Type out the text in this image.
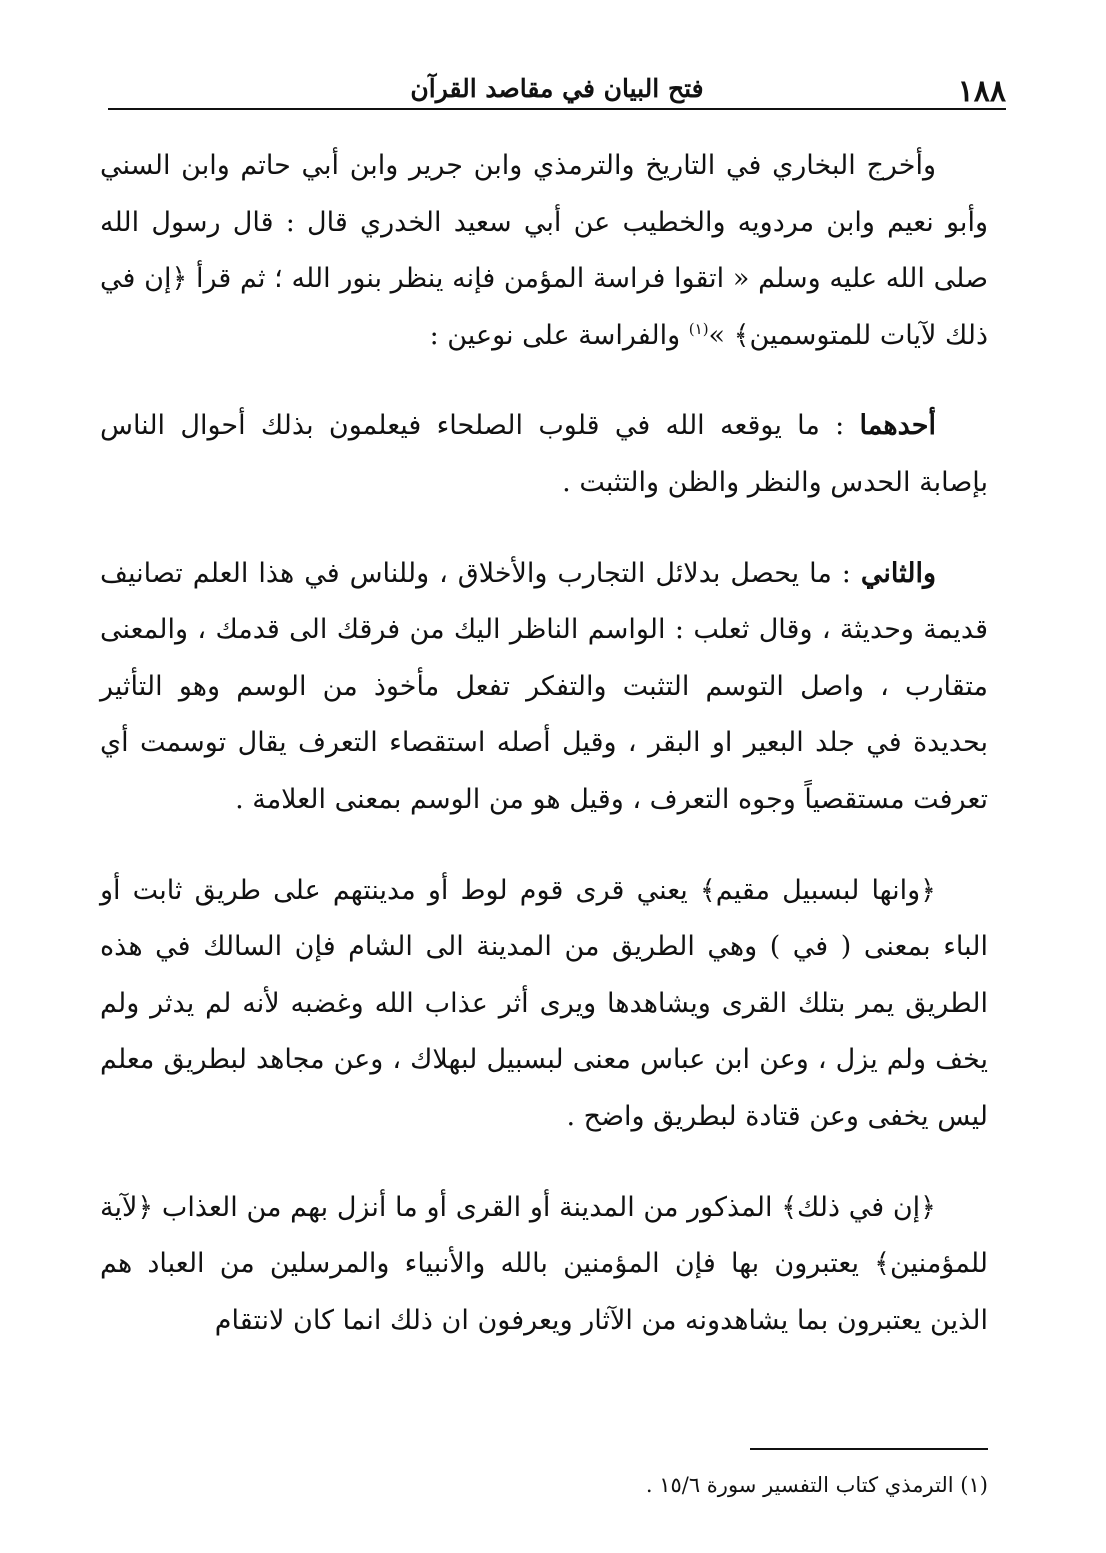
١٨٨
فتح البيان في مقاصد القرآن

وأخرج البخاري في التاريخ والترمذي وابن جرير وابن أبي حاتم وابن السني وأبو نعيم وابن مردويه والخطيب عن أبي سعيد الخدري قال : قال رسول الله صلى الله عليه وسلم « اتقوا فراسة المؤمن فإنه ينظر بنور الله ؛ ثم قرأ ﴿إن في ذلك لآيات للمتوسمين﴾ »$^{(١)}$ والفراسة على نوعين :

أحدهما : ما يوقعه الله في قلوب الصلحاء فيعلمون بذلك أحوال الناس بإصابة الحدس والنظر والظن والتثبت .

والثاني : ما يحصل بدلائل التجارب والأخلاق ، وللناس في هذا العلم تصانيف قديمة وحديثة ، وقال ثعلب : الواسم الناظر اليك من فرقك الى قدمك ، والمعنى متقارب ، واصل التوسم التثبت والتفكر تفعل مأخوذ من الوسم وهو التأثير بحديدة في جلد البعير او البقر ، وقيل أصله استقصاء التعرف يقال توسمت أي تعرفت مستقصياً وجوه التعرف ، وقيل هو من الوسم بمعنى العلامة .

﴿وانها لبسبيل مقيم﴾ يعني قرى قوم لوط أو مدينتهم على طريق ثابت أو الباء بمعنى ( في ) وهي الطريق من المدينة الى الشام فإن السالك في هذه الطريق يمر بتلك القرى ويشاهدها ويرى أثر عذاب الله وغضبه لأنه لم يدثر ولم يخف ولم يزل ، وعن ابن عباس معنى لبسبيل لبهلاك ، وعن مجاهد لبطريق معلم ليس يخفى وعن قتادة لبطريق واضح .

﴿إن في ذلك﴾ المذكور من المدينة أو القرى أو ما أنزل بهم من العذاب ﴿لآية للمؤمنين﴾ يعتبرون بها فإن المؤمنين بالله والأنبياء والمرسلين من العباد هم الذين يعتبرون بما يشاهدونه من الآثار ويعرفون ان ذلك انما كان لانتقام

(١) الترمذي كتاب التفسير سورة ١٥/٦ .
